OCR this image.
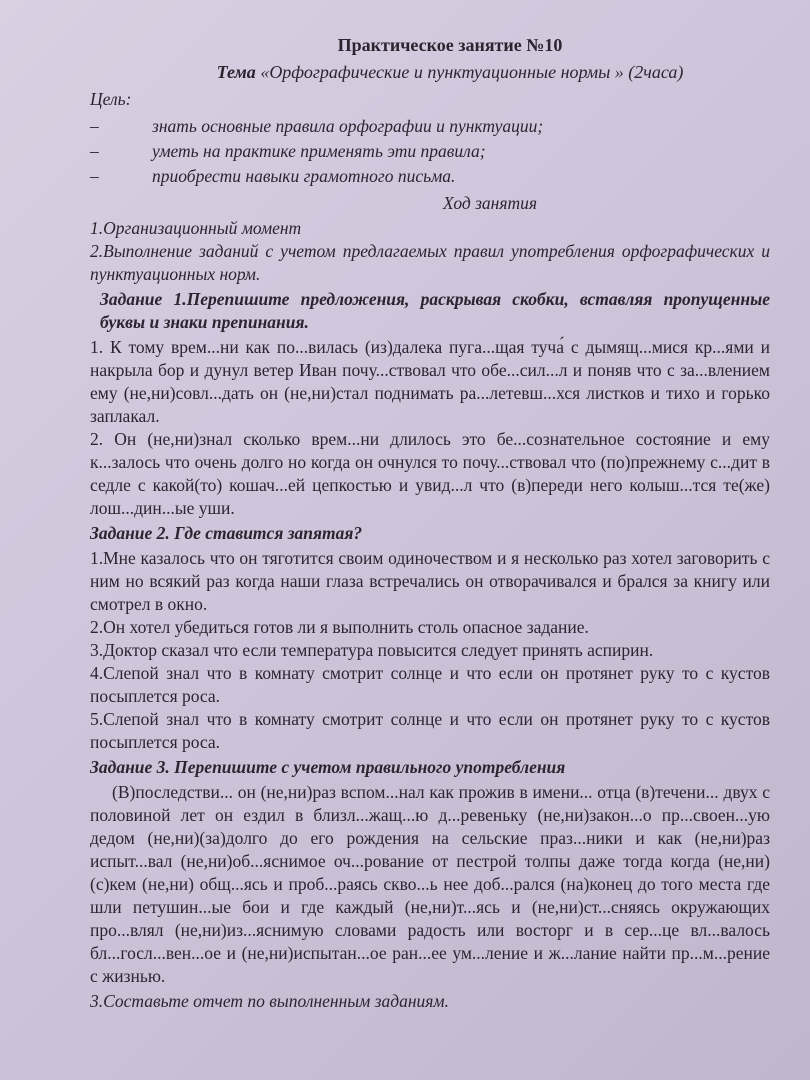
Практическое занятие №10

Тема «Орфографические и пунктуационные нормы » (2часа)

Цель:

–	знать основные правила орфографии и пунктуации;

–	уметь на практике применять эти правила;

–	приобрести навыки грамотного письма.

Ход занятия

1.Организационный момент

2.Выполнение заданий с учетом предлагаемых правил употребления орфографических и пунктуационных норм.

Задание 1.Перепишите предложения, раскрывая скобки, вставляя пропущенные буквы и знаки препинания.

1. К тому врем...ни как по...вилась (из)далека пуга...щая туча́ с дымящ...мися кр...ями и накрыла бор и дунул ветер Иван почу...ствовал что обе...сил...л и поняв что с за...влением ему (не,ни)совл...дать он (не,ни)стал поднимать ра...летевш...хся листков и тихо и горько заплакал.

2. Он (не,ни)знал сколько врем...ни длилось это бе...сознательное состояние и ему к...залось что очень долго но когда он очнулся то почу...ствовал что (по)прежнему с...дит в седле с какой(то) кошач...ей цепкостью и увид...л что (в)переди него колыш...тся те(же) лош...дин...ые уши.

Задание 2. Где ставится запятая?

1.Мне казалось что он тяготится своим одиночеством и я несколько раз хотел заговорить с ним но всякий раз когда наши глаза встречались он отворачивался и брался за книгу или смотрел в окно.

2.Он хотел убедиться готов ли я выполнить столь опасное задание.

3.Доктор сказал что если температура повысится следует принять аспирин.

4.Слепой знал что в комнату смотрит солнце и что если он протянет руку то с кустов посыплется роса.

5.Слепой знал что в комнату смотрит солнце и что если он протянет руку то с кустов посыплется роса.

Задание 3. Перепишите с учетом правильного употребления

(В)последстви... он (не,ни)раз вспом...нал как прожив в имени... отца (в)течени... двух с половиной лет он ездил в близл...жащ...ю д...ревеньку (не,ни)закон...о пр...своен...ую дедом (не,ни)(за)долго до его рождения на сельские праз...ники и как (не,ни)раз испыт...вал (не,ни)об...яснимое оч...рование от пестрой толпы даже тогда когда (не,ни)(с)кем (не,ни) общ...ясь и проб...раясь скво...ь нее доб...рался (на)конец до того места где шли петушин...ые бои и где каждый (не,ни)т...ясь и (не,ни)ст...сняясь окружающих про...влял (не,ни)из...яснимую словами радость или восторг и в сер...це вл...валось бл...госл...вен...ое и (не,ни)испытан...ое ран...ее ум...ление и ж...лание найти пр...м...рение с жизнью.

3.Составьте отчет по выполненным заданиям.
